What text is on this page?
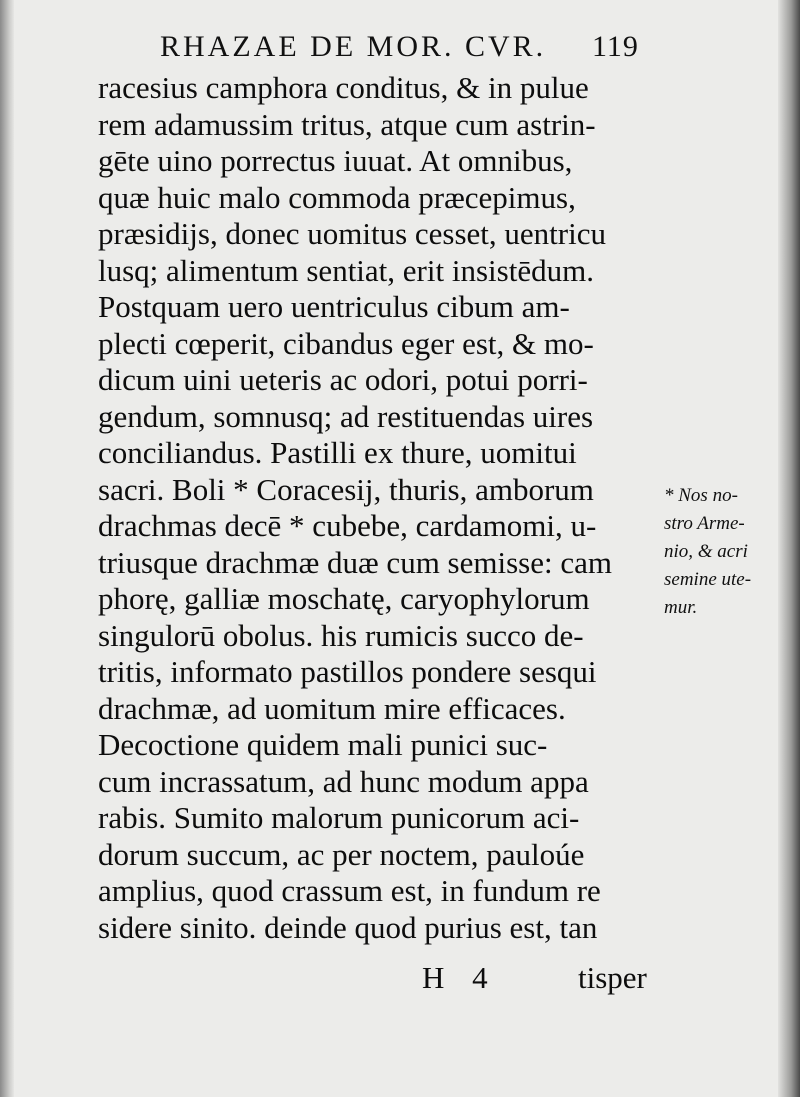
RHAZAE DE MOR. CVR. 119
racesius camphora conditus, & in pulue
rem adamussim tritus, atque cum astrin-
gēte uino porrectus iuuat. At omnibus,
quæ huic malo commoda præcepimus,
præsidijs, donec uomitus cesset, uentricu
lusq; alimentum sentiat, erit insistēdum.
Postquam uero uentriculus cibum am-
plecti cœperit, cibandus eger est, & mo-
dicum uini ueteris ac odori, potui porri-
gendum, somnusq; ad restituendas uires
conciliandus. Pastilli ex thure, uomitui
sacri. Boli * Coracesij, thuris, amborum
drachmas decē * cubebe, cardamomi, u-
triusque drachmæ duæ cum semisse: cam
phorę, galliæ moschatę, caryophylorum
singulorū obolus. his rumicis succo de-
tritis, informato pastillos pondere sesqui
drachmæ, ad uomitum mire efficaces.
Decoctione quidem mali punici suc-
cum incrassatum, ad hunc modum appa
rabis. Sumito malorum punicorum aci-
dorum succum, ac per noctem, pauloúe
amplius, quod crassum est, in fundum re
sidere sinito. deinde quod purius est, tan
H 4	tisper
* Nos no-
stro Arme-
nio, & acri
semine ute-
mur.
